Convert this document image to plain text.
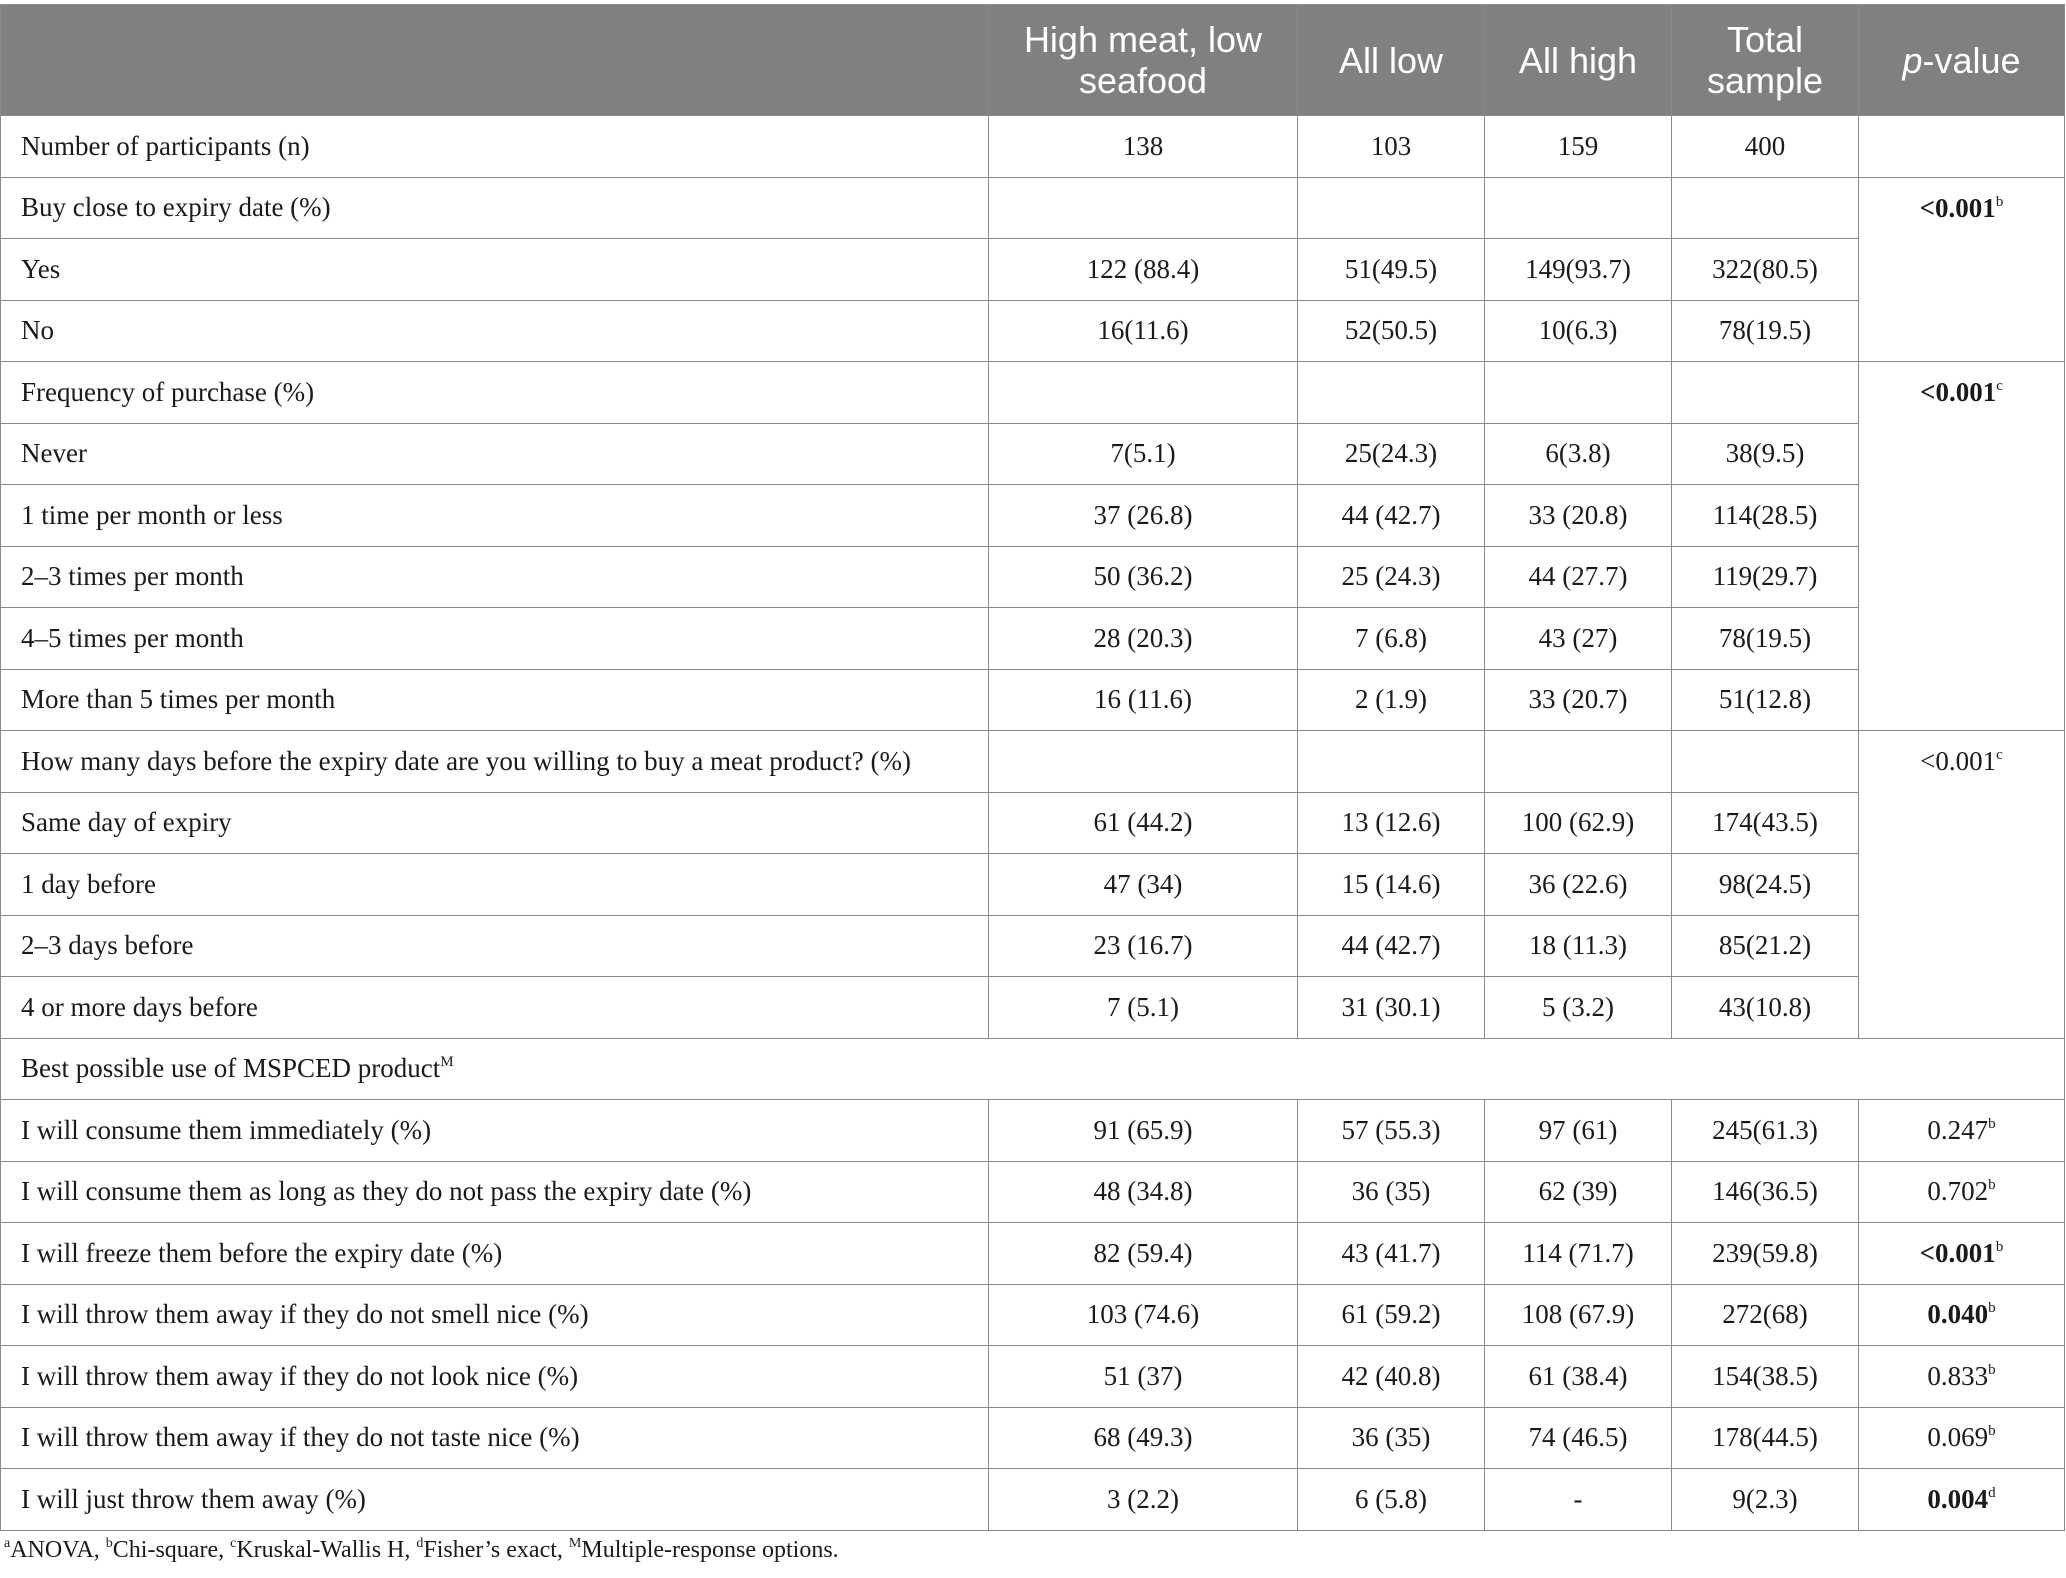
	High meat, low seafood	All low	All high	Total sample	p-value
Number of participants (n)	138	103	159	400	
Buy close to expiry date (%)					<0.001$^b$
Yes	122 (88.4)	51(49.5)	149(93.7)	322(80.5)	
No	16(11.6)	52(50.5)	10(6.3)	78(19.5)	
Frequency of purchase (%)					<0.001$^c$
Never	7(5.1)	25(24.3)	6(3.8)	38(9.5)	
1 time per month or less	37 (26.8)	44 (42.7)	33 (20.8)	114(28.5)	
2–3 times per month	50 (36.2)	25 (24.3)	44 (27.7)	119(29.7)	
4–5 times per month	28 (20.3)	7 (6.8)	43 (27)	78(19.5)	
More than 5 times per month	16 (11.6)	2 (1.9)	33 (20.7)	51(12.8)	
How many days before the expiry date are you willing to buy a meat product? (%)					<0.001$^c$
Same day of expiry	61 (44.2)	13 (12.6)	100 (62.9)	174(43.5)	
1 day before	47 (34)	15 (14.6)	36 (22.6)	98(24.5)	
2–3 days before	23 (16.7)	44 (42.7)	18 (11.3)	85(21.2)	
4 or more days before	7 (5.1)	31 (30.1)	5 (3.2)	43(10.8)	
Best possible use of MSPCED product$^M$
I will consume them immediately (%)	91 (65.9)	57 (55.3)	97 (61)	245(61.3)	0.247$^b$
I will consume them as long as they do not pass the expiry date (%)	48 (34.8)	36 (35)	62 (39)	146(36.5)	0.702$^b$
I will freeze them before the expiry date (%)	82 (59.4)	43 (41.7)	114 (71.7)	239(59.8)	<0.001$^b$
I will throw them away if they do not smell nice (%)	103 (74.6)	61 (59.2)	108 (67.9)	272(68)	0.040$^b$
I will throw them away if they do not look nice (%)	51 (37)	42 (40.8)	61 (38.4)	154(38.5)	0.833$^b$
I will throw them away if they do not taste nice (%)	68 (49.3)	36 (35)	74 (46.5)	178(44.5)	0.069$^b$
I will just throw them away (%)	3 (2.2)	6 (5.8)	-	9(2.3)	0.004$^d$
$^a$ANOVA, $^b$Chi-square, $^c$Kruskal-Wallis H, $^d$Fisher’s exact, $^M$Multiple-response options.
